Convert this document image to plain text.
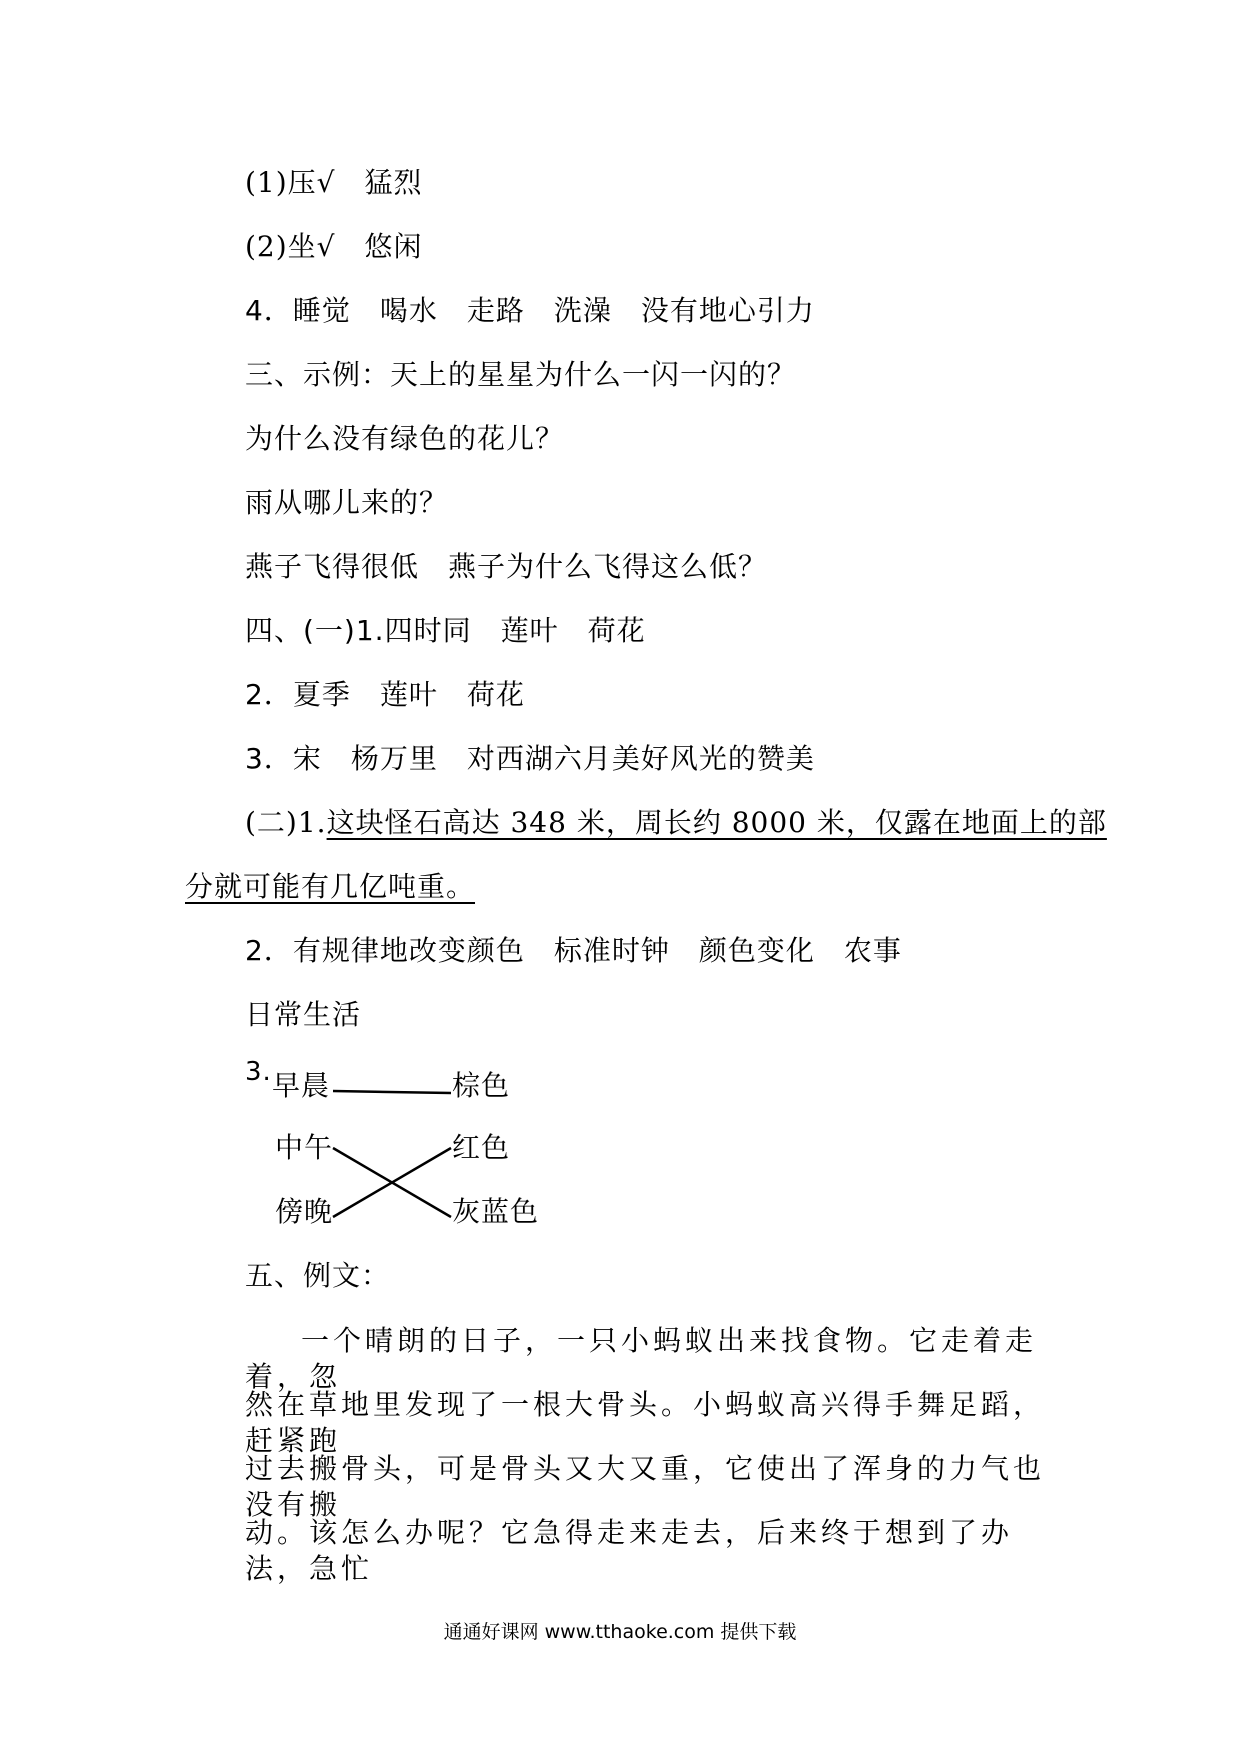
(1)压√　猛烈
(2)坐√　悠闲
4．睡觉　喝水　走路　洗澡　没有地心引力
三、示例：天上的星星为什么一闪一闪的？
为什么没有绿色的花儿？
雨从哪儿来的？
燕子飞得很低　燕子为什么飞得这么低？
四、(一)1.四时同　莲叶　荷花
2．夏季　莲叶　荷花
3．宋　杨万里　对西湖六月美好风光的赞美
(二)1.这块怪石高达 348 米，周长约 8000 米，仅露在地面上的部
分就可能有几亿吨重。
2．有规律地改变颜色　标准时钟　颜色变化　农事
日常生活
3. 早晨
中午
傍晚
棕色
红色
灰蓝色
五、例文：
一个晴朗的日子，一只小蚂蚁出来找食物。它走着走着，忽
然在草地里发现了一根大骨头。小蚂蚁高兴得手舞足蹈，赶紧跑
过去搬骨头，可是骨头又大又重，它使出了浑身的力气也没有搬
动。该怎么办呢？它急得走来走去，后来终于想到了办法，急忙
通通好课网 www.tthaoke.com 提供下载
